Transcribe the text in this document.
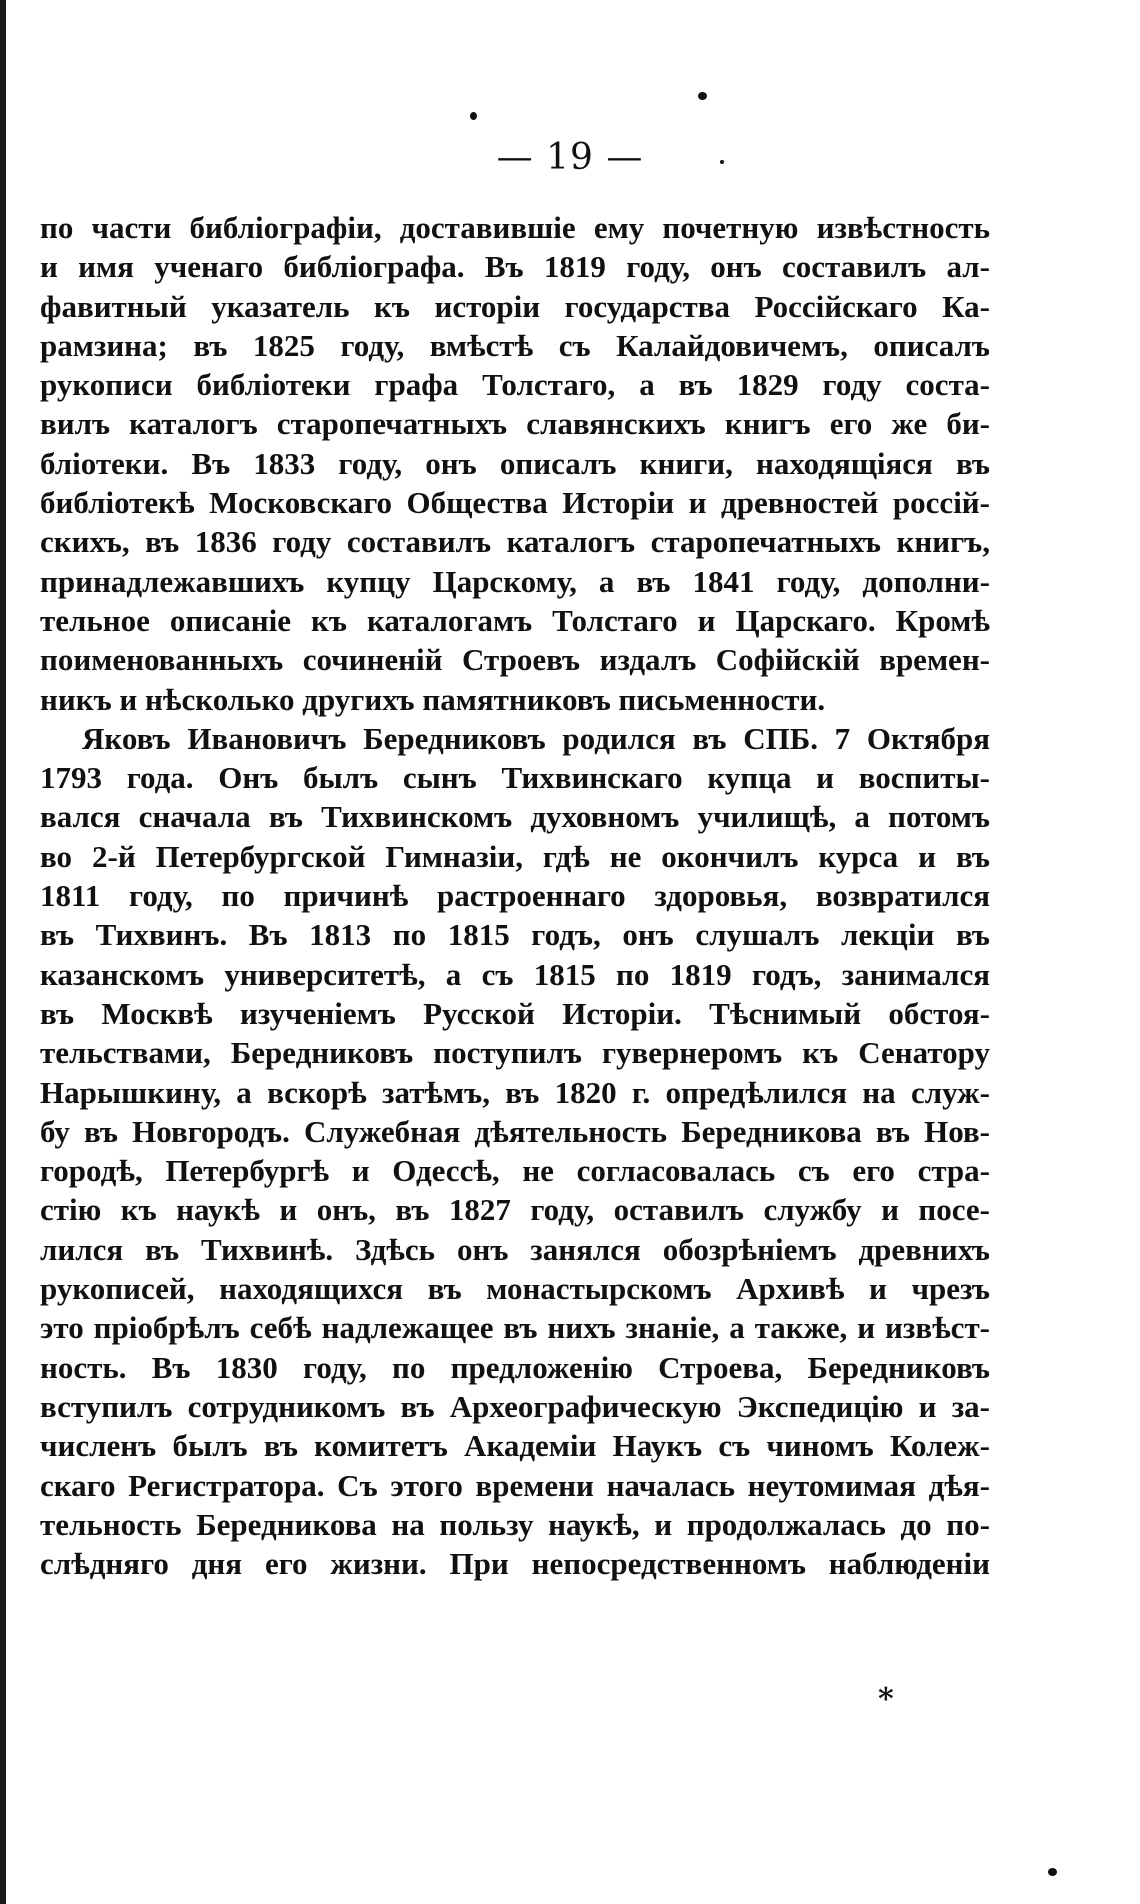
— 19 —
по части библіографіи, доставившіе ему почетную извѣстность
и имя ученаго библіографа. Въ 1819 году, онъ составилъ ал-
фавитный указатель къ исторіи государства Россійскаго Ка-
рамзина; въ 1825 году, вмѣстѣ съ Калайдовичемъ, описалъ
рукописи библіотеки графа Толстаго, а въ 1829 году соста-
вилъ каталогъ старопечатныхъ славянскихъ книгъ его же би-
бліотеки. Въ 1833 году, онъ описалъ книги, находящіяся въ
библіотекѣ Московскаго Общества Исторіи и древностей россій-
скихъ, въ 1836 году составилъ каталогъ старопечатныхъ книгъ,
принадлежавшихъ купцу Царскому, а въ 1841 году, дополни-
тельное описаніе къ каталогамъ Толстаго и Царскаго. Кромѣ
поименованныхъ сочиненій Строевъ издалъ Софійскій времен-
никъ и нѣсколько другихъ памятниковъ письменности.
Яковъ Ивановичъ Бередниковъ родился въ СПБ. 7 Октября
1793 года. Онъ былъ сынъ Тихвинскаго купца и воспиты-
вался сначала въ Тихвинскомъ духовномъ училищѣ, а потомъ
во 2-й Петербургской Гимназіи, гдѣ не окончилъ курса и въ
1811 году, по причинѣ растроеннаго здоровья, возвратился
въ Тихвинъ. Въ 1813 по 1815 годъ, онъ слушалъ лекціи въ
казанскомъ университетѣ, а съ 1815 по 1819 годъ, занимался
въ Москвѣ изученіемъ Русской Исторіи. Тѣснимый обстоя-
тельствами, Бередниковъ поступилъ гувернеромъ къ Сенатору
Нарышкину, а вскорѣ затѣмъ, въ 1820 г. опредѣлился на служ-
бу въ Новгородъ. Служебная дѣятельность Бередникова въ Нов-
городѣ, Петербургѣ и Одессѣ, не согласовалась съ его стра-
стію къ наукѣ и онъ, въ 1827 году, оставилъ службу и посе-
лился въ Тихвинѣ. Здѣсь онъ занялся обозрѣніемъ древнихъ
рукописей, находящихся въ монастырскомъ Архивѣ и чрезъ
это пріобрѣлъ себѣ надлежащее въ нихъ знаніе, а также, и извѣст-
ность. Въ 1830 году, по предложенію Строева, Бередниковъ
вступилъ сотрудникомъ въ Археографическую Экспедицію и за-
численъ былъ въ комитетъ Академіи Наукъ съ чиномъ Колеж-
скаго Регистратора. Съ этого времени началась неутомимая дѣя-
тельность Бередникова на пользу наукѣ, и продолжалась до по-
слѣдняго дня его жизни. При непосредственномъ наблюденіи
*
